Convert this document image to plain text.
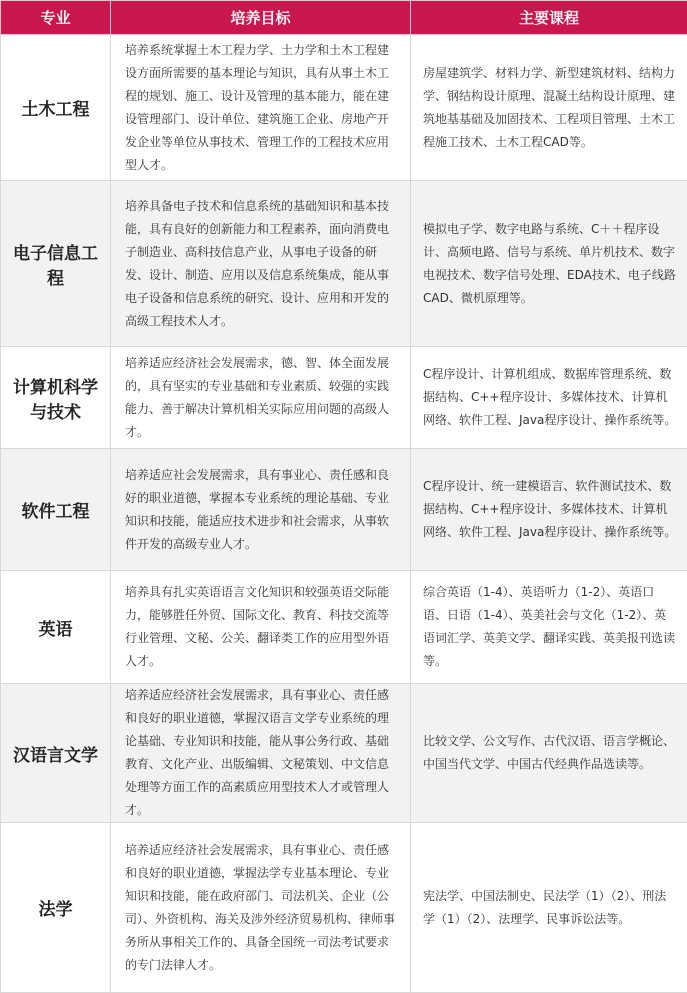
专业	培养目标	主要课程
土木工程	培养系统掌握土木工程力学、土力学和土木工程建设方面所需要的基本理论与知识，具有从事土木工程的规划、施工、设计及管理的基本能力，能在建设管理部门、设计单位、建筑施工企业、房地产开发企业等单位从事技术、管理工作的工程技术应用型人才。	房屋建筑学、材料力学、新型建筑材料、结构力学、钢结构设计原理、混凝土结构设计原理、建筑地基基础及加固技术、工程项目管理、土木工程施工技术、土木工程CAD等。
电子信息工程	培养具备电子技术和信息系统的基础知识和基本技能，具有良好的创新能力和工程素养，面向消费电子制造业、高科技信息产业，从事电子设备的研发、设计、制造、应用以及信息系统集成，能从事电子设备和信息系统的研究、设计、应用和开发的高级工程技术人才。	模拟电子学、数字电路与系统、C＋＋程序设计、高频电路、信号与系统、单片机技术、数字电视技术、数字信号处理、EDA技术、电子线路CAD、微机原理等。
计算机科学与技术	培养适应经济社会发展需求，德、智、体全面发展的，具有坚实的专业基础和专业素质、较强的实践能力、善于解决计算机相关实际应用问题的高级人才。	C程序设计、计算机组成、数据库管理系统、数据结构、C++程序设计、多媒体技术、计算机网络、软件工程、Java程序设计、操作系统等。
软件工程	培养适应社会发展需求，具有事业心、责任感和良好的职业道德，掌握本专业系统的理论基础、专业知识和技能，能适应技术进步和社会需求，从事软件开发的高级专业人才。	C程序设计、统一建模语言、软件测试技术、数据结构、C++程序设计、多媒体技术、计算机网络、软件工程、Java程序设计、操作系统等。
英语	培养具有扎实英语语言文化知识和较强英语交际能力，能够胜任外贸、国际文化、教育、科技交流等行业管理、文秘、公关、翻译类工作的应用型外语人才。	综合英语（1-4）、英语听力（1-2）、英语口语、日语（1-4）、英美社会与文化（1-2）、英语词汇学、英美文学、翻译实践、英美报刊选读等。
汉语言文学	培养适应经济社会发展需求，具有事业心、责任感和良好的职业道德，掌握汉语言文学专业系统的理论基础、专业知识和技能，能从事公务行政、基础教育、文化产业、出版编辑、文秘策划、中文信息处理等方面工作的高素质应用型技术人才或管理人才。	比较文学、公文写作、古代汉语、语言学概论、中国当代文学、中国古代经典作品选读等。
法学	培养适应经济社会发展需求，具有事业心、责任感和良好的职业道德，掌握法学专业基本理论、专业知识和技能，能在政府部门、司法机关、企业（公司）、外资机构、海关及涉外经济贸易机构、律师事务所从事相关工作的、具备全国统一司法考试要求的专门法律人才。	宪法学、中国法制史、民法学（1）（2）、刑法学（1）（2）、法理学、民事诉讼法等。
